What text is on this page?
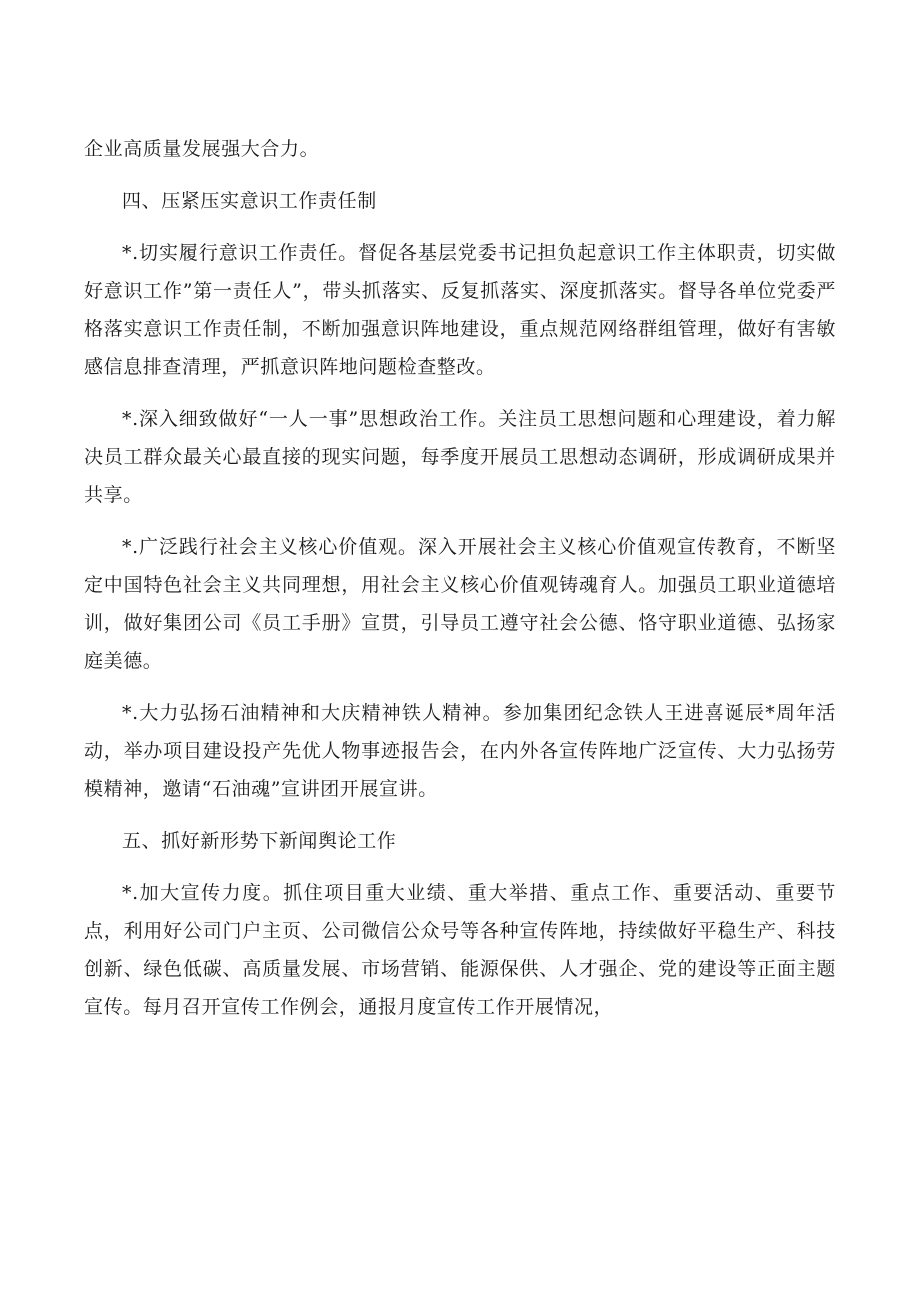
企业高质量发展强大合力。

四、压紧压实意识工作责任制

*.切实履行意识工作责任。督促各基层党委书记担负起意识工作主体职责，切实做好意识工作”第一责任人”，带头抓落实、反复抓落实、深度抓落实。督导各单位党委严格落实意识工作责任制，不断加强意识阵地建设，重点规范网络群组管理，做好有害敏感信息排查清理，严抓意识阵地问题检查整改。

*.深入细致做好“一人一事”思想政治工作。关注员工思想问题和心理建设，着力解决员工群众最关心最直接的现实问题，每季度开展员工思想动态调研，形成调研成果并共享。

*.广泛践行社会主义核心价值观。深入开展社会主义核心价值观宣传教育，不断坚定中国特色社会主义共同理想，用社会主义核心价值观铸魂育人。加强员工职业道德培训，做好集团公司《员工手册》宣贯，引导员工遵守社会公德、恪守职业道德、弘扬家庭美德。

*.大力弘扬石油精神和大庆精神铁人精神。参加集团纪念铁人王进喜诞辰*周年活动，举办项目建设投产先优人物事迹报告会，在内外各宣传阵地广泛宣传、大力弘扬劳模精神，邀请“石油魂”宣讲团开展宣讲。

五、抓好新形势下新闻舆论工作

*.加大宣传力度。抓住项目重大业绩、重大举措、重点工作、重要活动、重要节点，利用好公司门户主页、公司微信公众号等各种宣传阵地，持续做好平稳生产、科技创新、绿色低碳、高质量发展、市场营销、能源保供、人才强企、党的建设等正面主题宣传。每月召开宣传工作例会，通报月度宣传工作开展情况，
